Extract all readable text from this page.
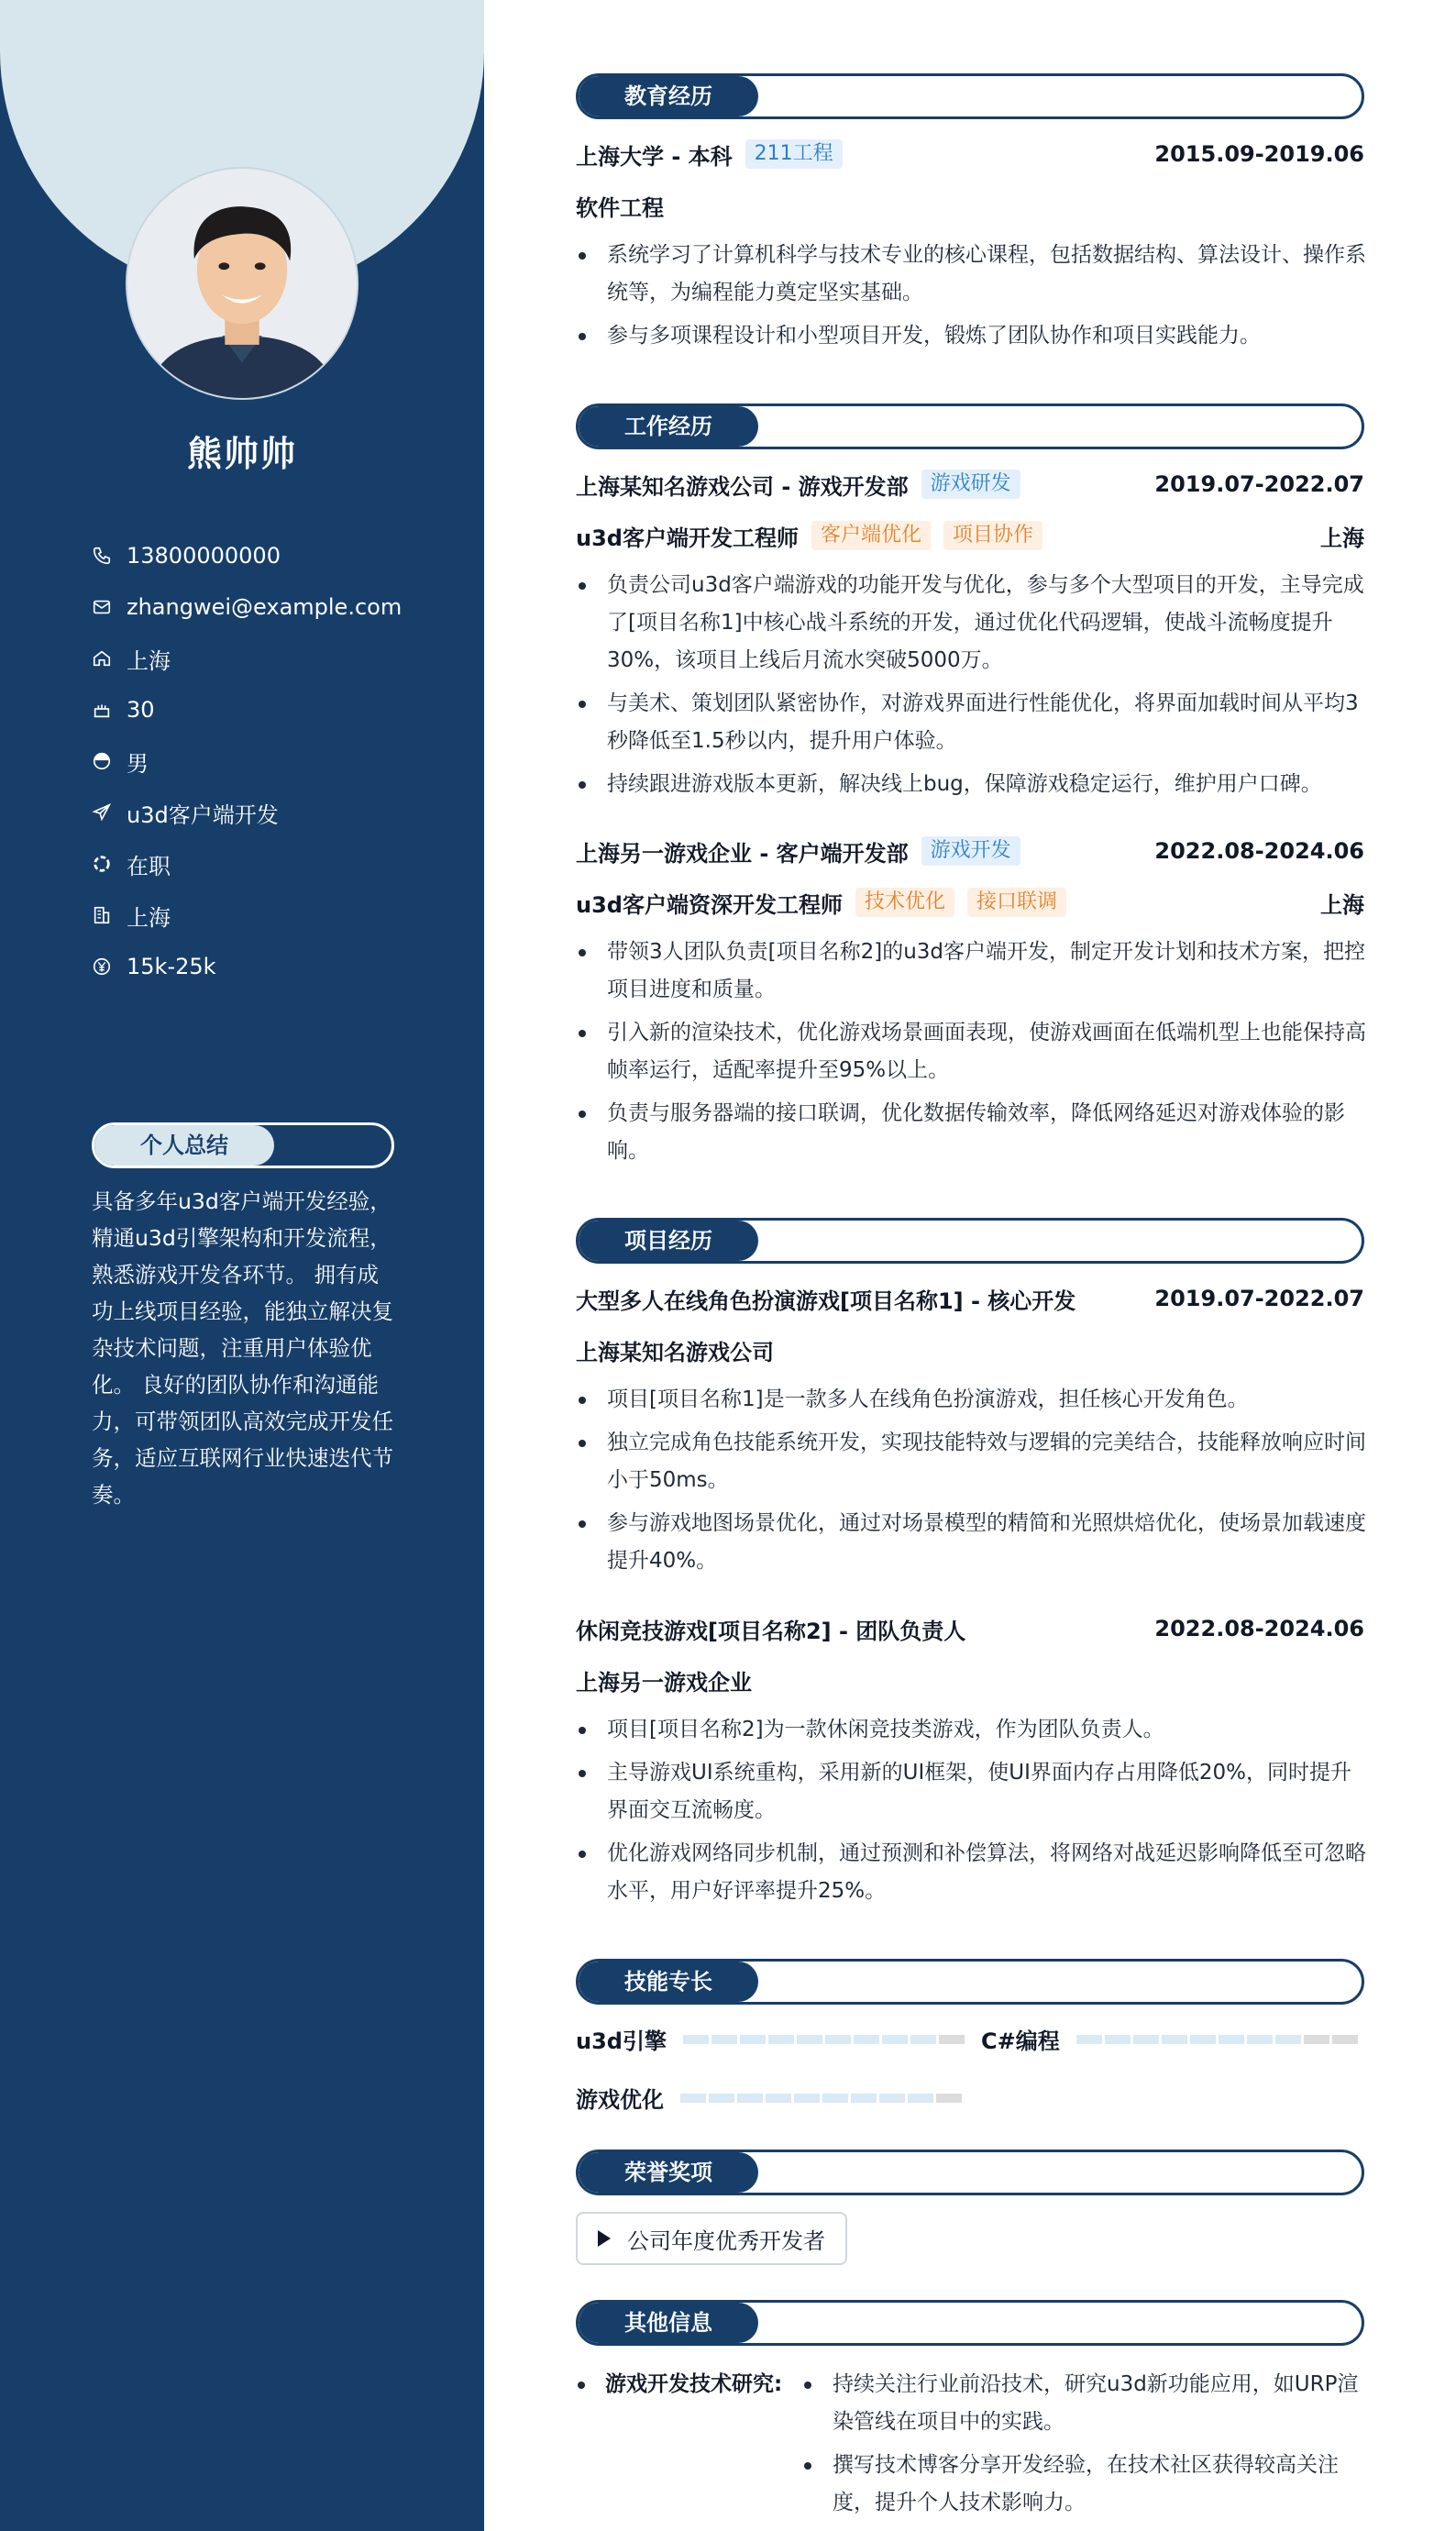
熊帅帅
13800000000
zhangwei@example.com
上海
30
男
u3d客户端开发
在职
上海
15k-25k
个人总结
具备多年u3d客户端开发经验，精通u3d引擎架构和开发流程，熟悉游戏开发各环节。 拥有成功上线项目经验，能独立解决复杂技术问题，注重用户体验优化。 良好的团队协作和沟通能力，可带领团队高效完成开发任务，适应互联网行业快速迭代节奏。
教育经历
上海大学 - 本科	211工程	2015.09-2019.06
软件工程
系统学习了计算机科学与技术专业的核心课程，包括数据结构、算法设计、操作系统等，为编程能力奠定坚实基础。
参与多项课程设计和小型项目开发，锻炼了团队协作和项目实践能力。
工作经历
上海某知名游戏公司 - 游戏开发部	游戏研发	2019.07-2022.07
u3d客户端开发工程师	客户端优化	项目协作	上海
负责公司u3d客户端游戏的功能开发与优化，参与多个大型项目的开发，主导完成了[项目名称1]中核心战斗系统的开发，通过优化代码逻辑，使战斗流畅度提升30%，该项目上线后月流水突破5000万。
与美术、策划团队紧密协作，对游戏界面进行性能优化，将界面加载时间从平均3秒降低至1.5秒以内，提升用户体验。
持续跟进游戏版本更新，解决线上bug，保障游戏稳定运行，维护用户口碑。
上海另一游戏企业 - 客户端开发部	游戏开发	2022.08-2024.06
u3d客户端资深开发工程师	技术优化	接口联调	上海
带领3人团队负责[项目名称2]的u3d客户端开发，制定开发计划和技术方案，把控项目进度和质量。
引入新的渲染技术，优化游戏场景画面表现，使游戏画面在低端机型上也能保持高帧率运行，适配率提升至95%以上。
负责与服务器端的接口联调，优化数据传输效率，降低网络延迟对游戏体验的影响。
项目经历
大型多人在线角色扮演游戏[项目名称1] - 核心开发	2019.07-2022.07
上海某知名游戏公司
项目[项目名称1]是一款多人在线角色扮演游戏，担任核心开发角色。
独立完成角色技能系统开发，实现技能特效与逻辑的完美结合，技能释放响应时间小于50ms。
参与游戏地图场景优化，通过对场景模型的精简和光照烘焙优化，使场景加载速度提升40%。
休闲竞技游戏[项目名称2] - 团队负责人	2022.08-2024.06
上海另一游戏企业
项目[项目名称2]为一款休闲竞技类游戏，作为团队负责人。
主导游戏UI系统重构，采用新的UI框架，使UI界面内存占用降低20%，同时提升界面交互流畅度。
优化游戏网络同步机制，通过预测和补偿算法，将网络对战延迟影响降低至可忽略水平，用户好评率提升25%。
技能专长
u3d引擎	C#编程
游戏优化
荣誉奖项
公司年度优秀开发者
其他信息
游戏开发技术研究:	持续关注行业前沿技术，研究u3d新功能应用，如URP渲染管线在项目中的实践。
撰写技术博客分享开发经验，在技术社区获得较高关注度，提升个人技术影响力。
